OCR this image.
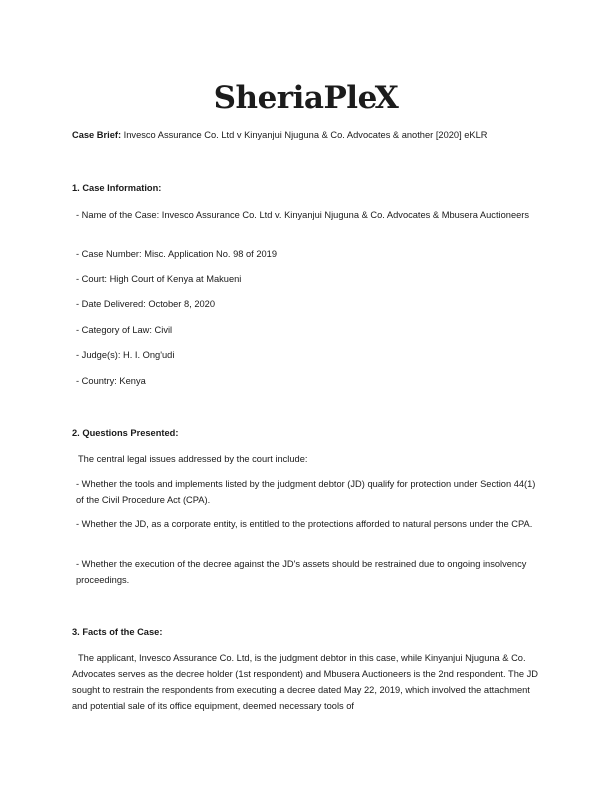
SheriaPleX
Case Brief: Invesco Assurance Co. Ltd v Kinyanjui Njuguna & Co. Advocates & another [2020] eKLR
1. Case Information:
- Name of the Case: Invesco Assurance Co. Ltd v. Kinyanjui Njuguna & Co. Advocates & Mbusera Auctioneers
- Case Number: Misc. Application No. 98 of 2019
- Court: High Court of Kenya at Makueni
- Date Delivered: October 8, 2020
- Category of Law: Civil
- Judge(s): H. I. Ong'udi
- Country: Kenya
2. Questions Presented:
The central legal issues addressed by the court include:
- Whether the tools and implements listed by the judgment debtor (JD) qualify for protection under Section 44(1) of the Civil Procedure Act (CPA).
- Whether the JD, as a corporate entity, is entitled to the protections afforded to natural persons under the CPA.
- Whether the execution of the decree against the JD's assets should be restrained due to ongoing insolvency proceedings.
3. Facts of the Case:
The applicant, Invesco Assurance Co. Ltd, is the judgment debtor in this case, while Kinyanjui Njuguna & Co. Advocates serves as the decree holder (1st respondent) and Mbusera Auctioneers is the 2nd respondent. The JD sought to restrain the respondents from executing a decree dated May 22, 2019, which involved the attachment and potential sale of its office equipment, deemed necessary tools of
